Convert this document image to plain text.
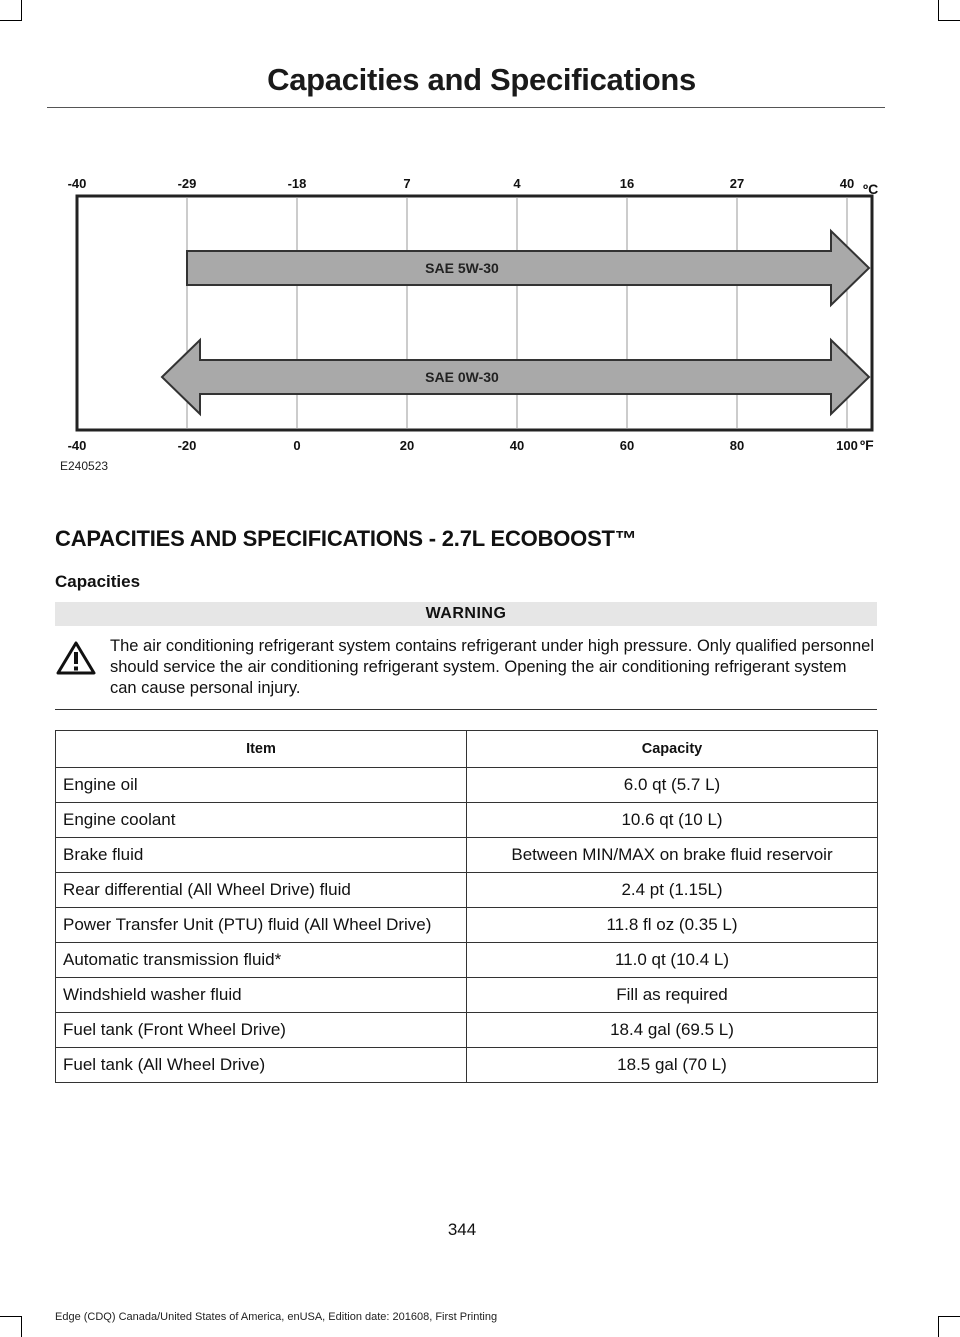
Capacities and Specifications
SAE 5W-30
SAE 0W-30
-40	-29	-18	7	4	16	27	40
-40	-20	0	20	40	60	80	100
ºC
ºF
E240523
CAPACITIES AND SPECIFICATIONS - 2.7L ECOBOOST™
Capacities
WARNING
The air conditioning refrigerant system contains refrigerant under high pressure. Only qualified personnel should service the air conditioning refrigerant system. Opening the air conditioning refrigerant system can cause personal injury.
Item	Capacity
Engine oil	6.0 qt (5.7 L)
Engine coolant	10.6 qt (10 L)
Brake fluid	Between MIN/MAX on brake fluid reservoir
Rear differential (All Wheel Drive) fluid	2.4 pt (1.15L)
Power Transfer Unit (PTU) fluid (All Wheel Drive)	11.8 fl oz (0.35 L)
Automatic transmission fluid*	11.0 qt (10.4 L)
Windshield washer fluid	Fill as required
Fuel tank (Front Wheel Drive)	18.4 gal (69.5 L)
Fuel tank (All Wheel Drive)	18.5 gal (70 L)
344
Edge (CDQ) Canada/United States of America, enUSA, Edition date: 201608, First Printing
